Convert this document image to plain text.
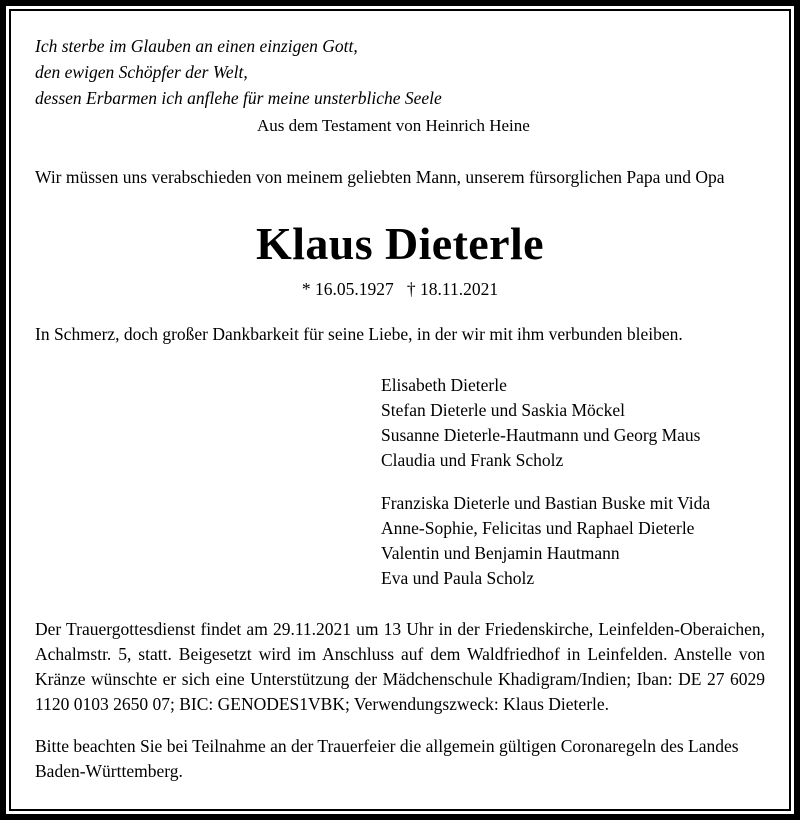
Ich sterbe im Glauben an einen einzigen Gott,
den ewigen Schöpfer der Welt,
dessen Erbarmen ich anflehe für meine unsterbliche Seele
Aus dem Testament von Heinrich Heine

Wir müssen uns verabschieden von meinem geliebten Mann, unserem fürsorglichen Papa und Opa

Klaus Dieterle
* 16.05.1927   † 18.11.2021

In Schmerz, doch großer Dankbarkeit für seine Liebe, in der wir mit ihm verbunden bleiben.

Elisabeth Dieterle
Stefan Dieterle und Saskia Möckel
Susanne Dieterle-Hautmann und Georg Maus
Claudia und Frank Scholz
Franziska Dieterle und Bastian Buske mit Vida
Anne-Sophie, Felicitas und Raphael Dieterle
Valentin und Benjamin Hautmann
Eva und Paula Scholz

Der Trauergottesdienst findet am 29.11.2021 um 13 Uhr in der Friedenskirche, Leinfelden-Oberaichen, Achalmstr. 5, statt. Beigesetzt wird im Anschluss auf dem Waldfriedhof in Leinfelden. Anstelle von Kränze wünschte er sich eine Unterstützung der Mädchenschule Khadigram/Indien; Iban: DE 27 6029 1120 0103 2650 07; BIC: GENODES1VBK; Verwendungszweck: Klaus Dieterle.

Bitte beachten Sie bei Teilnahme an der Trauerfeier die allgemein gültigen Coronaregeln des Landes Baden-Württemberg.
